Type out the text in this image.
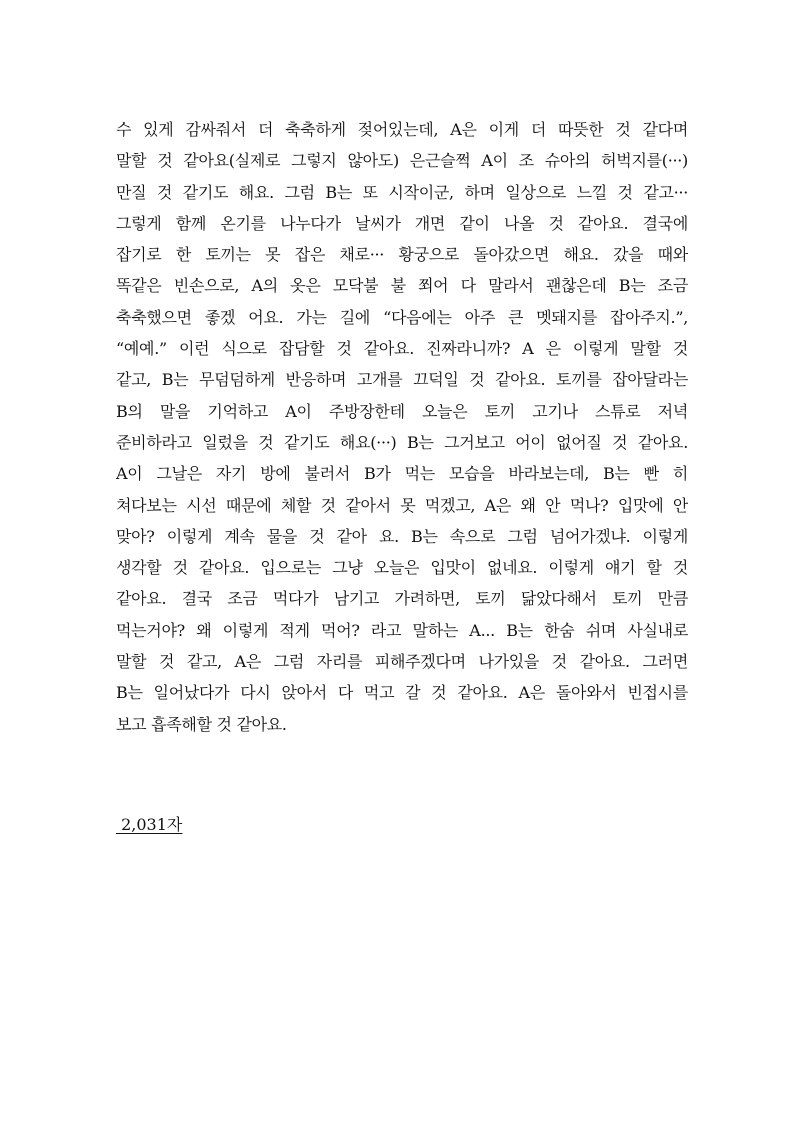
수 있게 감싸줘서 더 축축하게 젖어있는데, A은 이게 더 따뜻한 것 같다며
말할 것 같아요(실제로 그렇지 않아도) 은근슬쩍 A이 조 슈아의 허벅지를(···)
만질 것 같기도 해요. 그럼 B는 또 시작이군, 하며 일상으로 느낄 것 같고···
그렇게 함께 온기를 나누다가 날씨가 개면 같이 나올 것 같아요. 결국에
잡기로 한 토끼는 못 잡은 채로··· 황궁으로 돌아갔으면 해요. 갔을 때와
똑같은 빈손으로, A의 옷은 모닥불 불 쬐어 다 말라서 괜찮은데 B는 조금
축축했으면 좋겠 어요. 가는 길에 “다음에는 아주 큰 멧돼지를 잡아주지.”,
“예예.” 이런 식으로 잡담할 것 같아요. 진짜라니까? A 은 이렇게 말할 것
같고, B는 무덤덤하게 반응하며 고개를 끄덕일 것 같아요. 토끼를 잡아달라는
B의 말을 기억하고 A이 주방장한테 오늘은 토끼 고기나 스튜로 저녁
준비하라고 일렀을 것 같기도 해요(···) B는 그거보고 어이 없어질 것 같아요.
A이 그날은 자기 방에 불러서 B가 먹는 모습을 바라보는데, B는 빤 히
쳐다보는 시선 때문에 체할 것 같아서 못 먹겠고, A은 왜 안 먹나? 입맛에 안
맞아? 이렇게 계속 물을 것 같아 요. B는 속으로 그럼 넘어가겠냐. 이렇게
생각할 것 같아요. 입으로는 그냥 오늘은 입맛이 없네요. 이렇게 얘기 할 것
같아요. 결국 조금 먹다가 남기고 가려하면, 토끼 닮았다해서 토끼 만큼
먹는거야? 왜 이렇게 적게 먹어? 라고 말하는 A... B는 한숨 쉬며 사실내로
말할 것 같고, A은 그럼 자리를 피해주겠다며 나가있을 것 같아요. 그러면
B는 일어났다가 다시 앉아서 다 먹고 갈 것 같아요. A은 돌아와서 빈접시를
보고 흡족해할 것 같아요.
2,031자
